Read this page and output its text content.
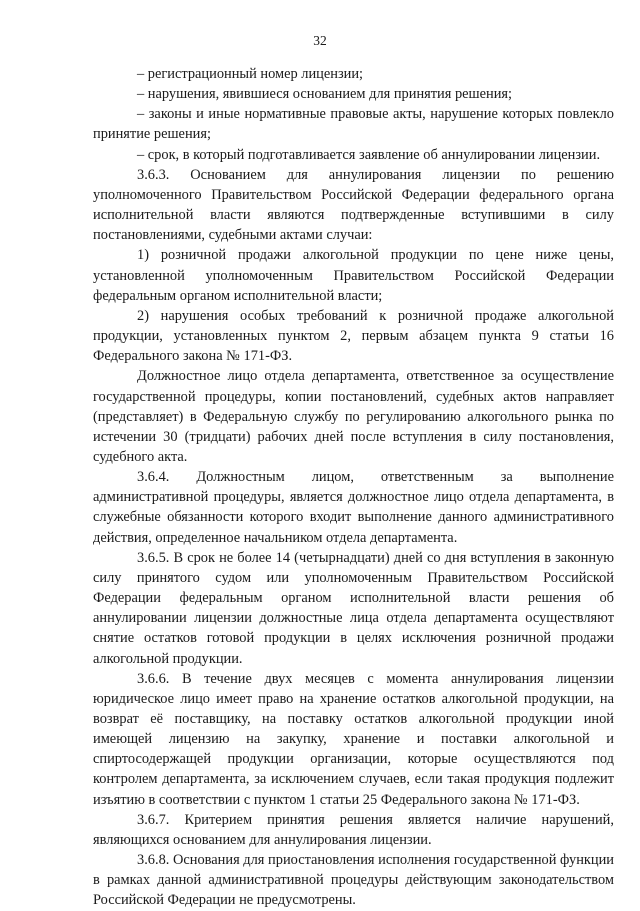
32

– регистрационный номер лицензии;

– нарушения, явившиеся основанием для принятия решения;

– законы и иные нормативные правовые акты, нарушение которых повлекло принятие решения;

– срок, в который подготавливается заявление об аннулировании лицензии.

3.6.3. Основанием для аннулирования лицензии по решению уполномоченного Правительством Российской Федерации федерального органа исполнительной власти являются подтвержденные вступившими в силу постановлениями, судебными актами случаи:

1) розничной продажи алкогольной продукции по цене ниже цены, установленной уполномоченным Правительством Российской Федерации федеральным органом исполнительной власти;

2) нарушения особых требований к розничной продаже алкогольной продукции, установленных пунктом 2, первым абзацем пункта 9 статьи 16 Федерального закона № 171-ФЗ.

Должностное лицо отдела департамента, ответственное за осуществление государственной процедуры, копии постановлений, судебных актов направляет (представляет) в Федеральную службу по регулированию алкогольного рынка по истечении 30 (тридцати) рабочих дней после вступления в силу постановления, судебного акта.

3.6.4. Должностным лицом, ответственным за выполнение административной процедуры, является должностное лицо отдела департамента, в служебные обязанности которого входит выполнение данного административного действия, определенное начальником отдела департамента.

3.6.5. В срок не более 14 (четырнадцати) дней со дня вступления в законную силу принятого судом или уполномоченным Правительством Российской Федерации федеральным органом исполнительной власти решения об аннулировании лицензии должностные лица отдела департамента осуществляют снятие остатков готовой продукции в целях исключения розничной продажи алкогольной продукции.

3.6.6. В течение двух месяцев с момента аннулирования лицензии юридическое лицо имеет право на хранение остатков алкогольной продукции, на возврат её поставщику, на поставку остатков алкогольной продукции иной имеющей лицензию на закупку, хранение и поставки алкогольной и спиртосодержащей продукции организации, которые осуществляются под контролем департамента, за исключением случаев, если такая продукция подлежит изъятию в соответствии с пунктом 1 статьи 25 Федерального закона № 171-ФЗ.

3.6.7. Критерием принятия решения является наличие нарушений, являющихся основанием для аннулирования лицензии.

3.6.8. Основания для приостановления исполнения государственной функции в рамках данной административной процедуры действующим законодательством Российской Федерации не предусмотрены.
